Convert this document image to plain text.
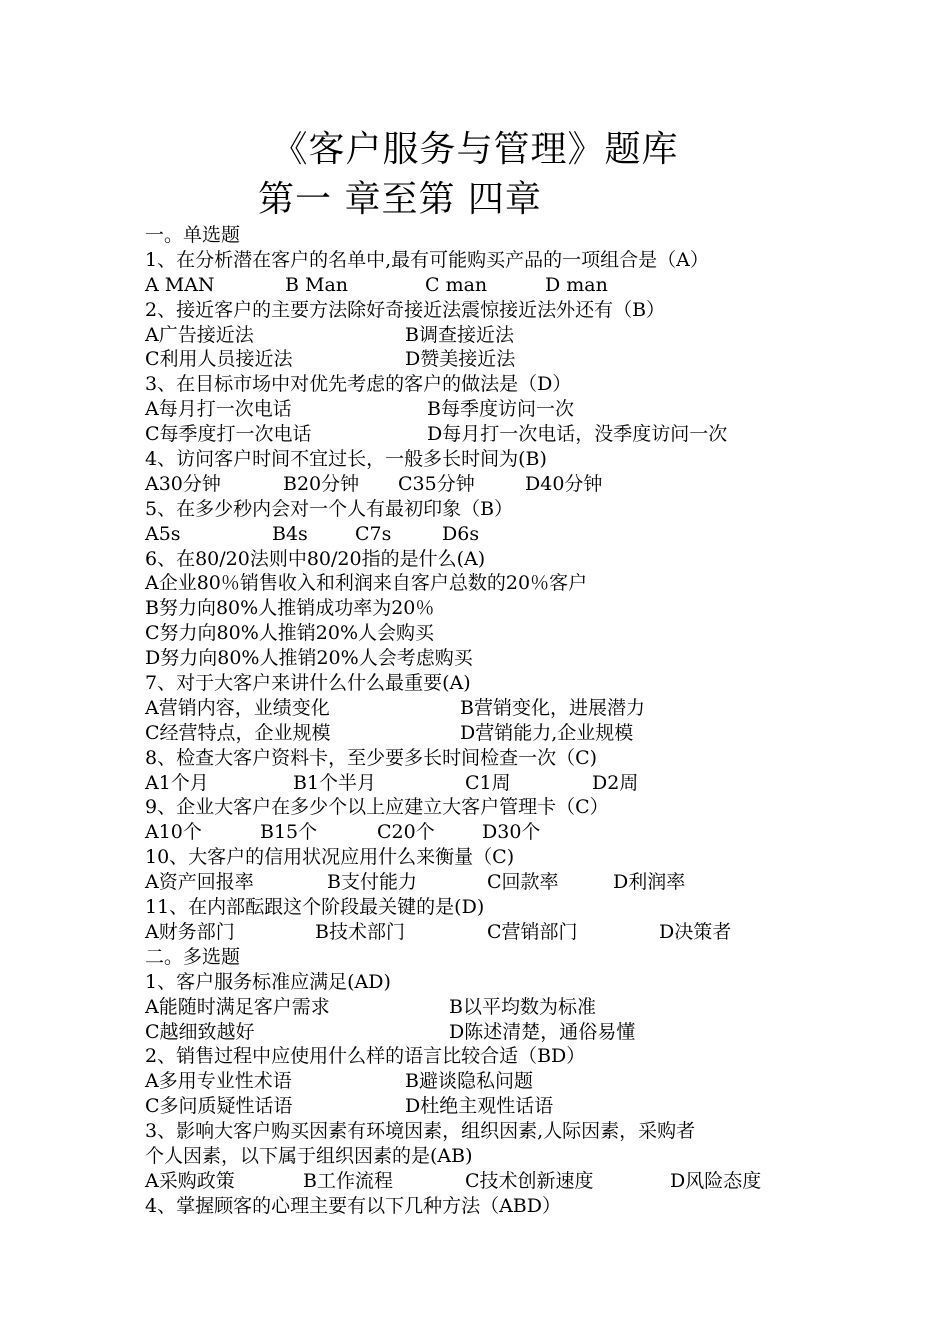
《客户服务与管理》题库
第一 章至第 四章
一。单选题
1、在分析潜在客户的名单中,最有可能购买产品的一项组合是（A）
A MAN	B Man	C man	D man
2、接近客户的主要方法除好奇接近法震惊接近法外还有（B）
A广告接近法	B调查接近法
C利用人员接近法	D赞美接近法
3、在目标市场中对优先考虑的客户的做法是（D）
A每月打一次电话	B每季度访问一次
C每季度打一次电话	D每月打一次电话，没季度访问一次
4、访问客户时间不宜过长，一般多长时间为(B)
A30分钟	B20分钟 C35分钟	D40分钟
5、在多少秒内会对一个人有最初印象（B）
A5s	B4s C7s	D6s
6、在80/20法则中80/20指的是什么(A)
A企业80％销售收入和利润来自客户总数的20％客户
B努力向80%人推销成功率为20％
C努力向80%人推销20%人会购买
D努力向80%人推销20%人会考虑购买
7、对于大客户来讲什么什么最重要(A)
A营销内容，业绩变化	B营销变化，进展潜力
C经营特点，企业规模	D营销能力,企业规模
8、检查大客户资料卡，至少要多长时间检查一次（C)
A1个月	B1个半月	C1周	D2周
9、企业大客户在多少个以上应建立大客户管理卡（C）
A10个	B15个	C20个 D30个
10、大客户的信用状况应用什么来衡量（C)
A资产回报率	B支付能力	C回款率	D利润率
11、在内部酝跟这个阶段最关键的是(D)
A财务部门	B技术部门	C营销部门	D决策者
二。多选题
1、客户服务标准应满足(AD)
A能随时满足客户需求	B以平均数为标准
C越细致越好	D陈述清楚，通俗易懂
2、销售过程中应使用什么样的语言比较合适（BD）
A多用专业性术语	B避谈隐私问题
C多问质疑性话语	D杜绝主观性话语
3、影响大客户购买因素有环境因素，组织因素,人际因素，采购者
个人因素，以下属于组织因素的是(AB)
A采购政策	B工作流程	C技术创新速度	D风险态度
4、掌握顾客的心理主要有以下几种方法（ABD）
